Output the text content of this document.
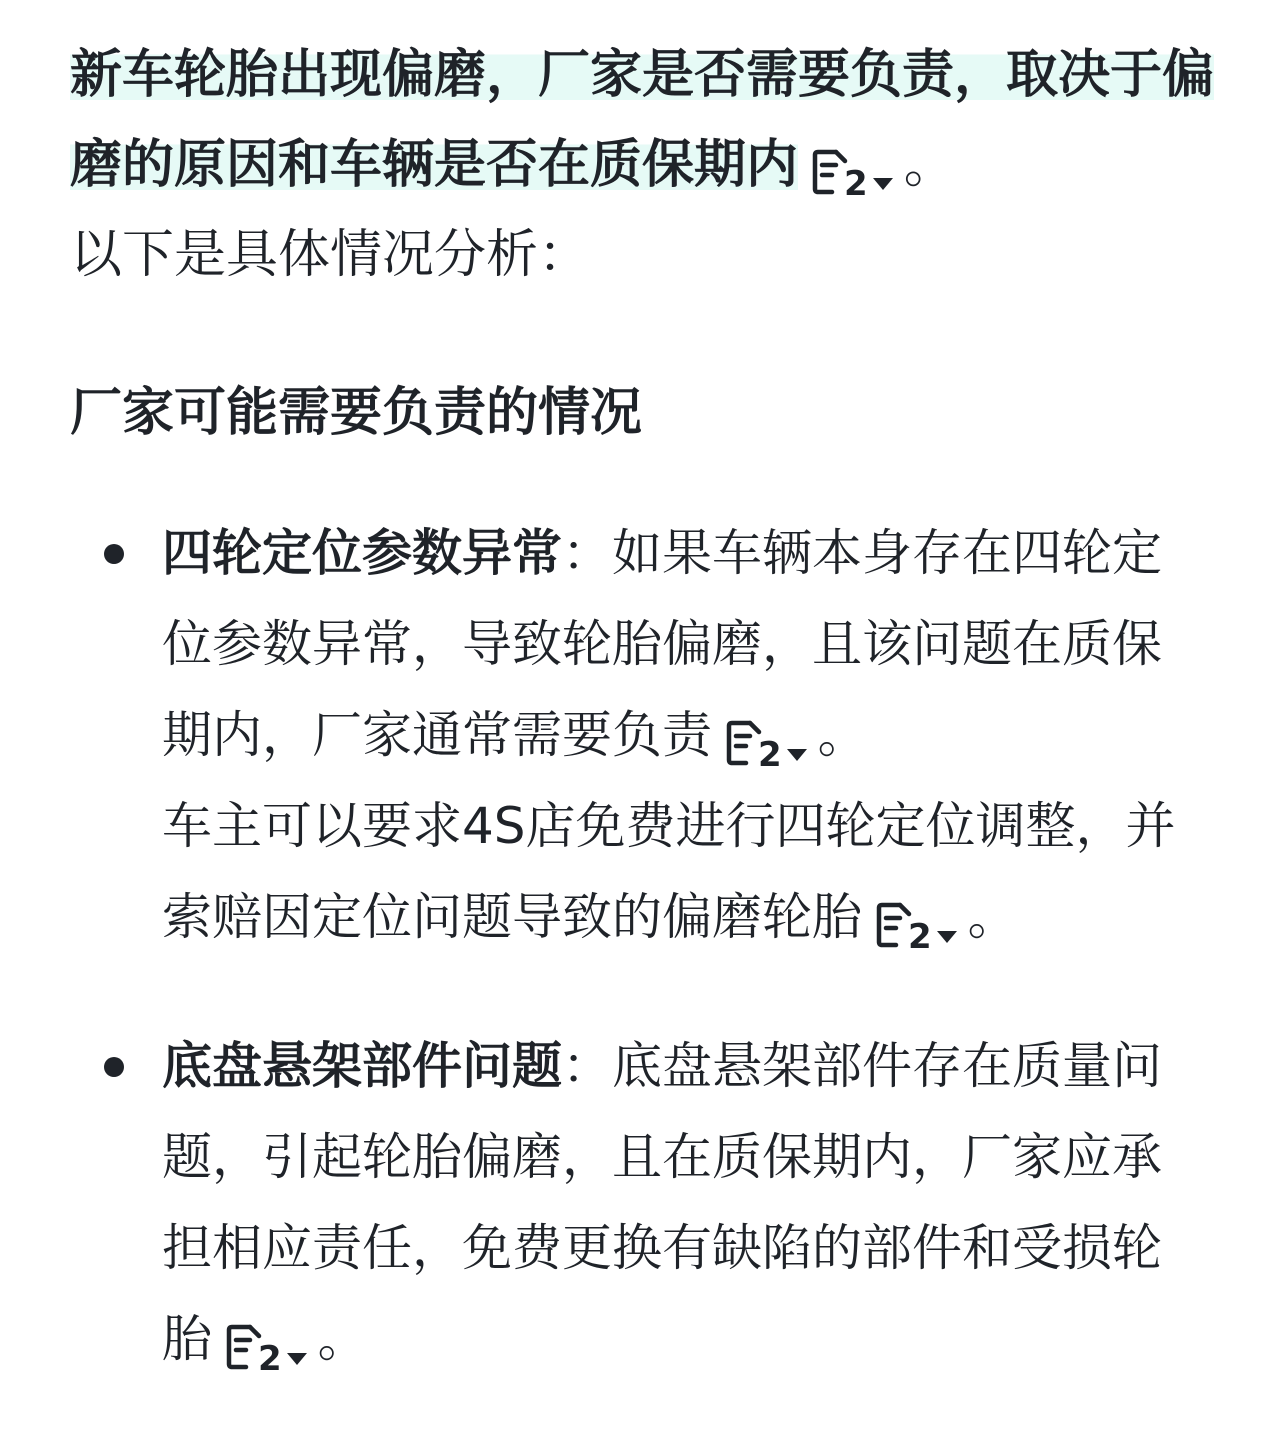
新车轮胎出现偏磨，厂家是否需要负责，取决于偏磨的原因和车辆是否在质保期内 2 。
以下是具体情况分析：

厂家可能需要负责的情况
四轮定位参数异常：如果车辆本身存在四轮定位参数异常，导致轮胎偏磨，且该问题在质保期内，厂家通常需要负责 2 。
车主可以要求4S店免费进行四轮定位调整，并索赔因定位问题导致的偏磨轮胎 2 。
底盘悬架部件问题：底盘悬架部件存在质量问题，引起轮胎偏磨，且在质保期内，厂家应承担相应责任，免费更换有缺陷的部件和受损轮胎 2 。
